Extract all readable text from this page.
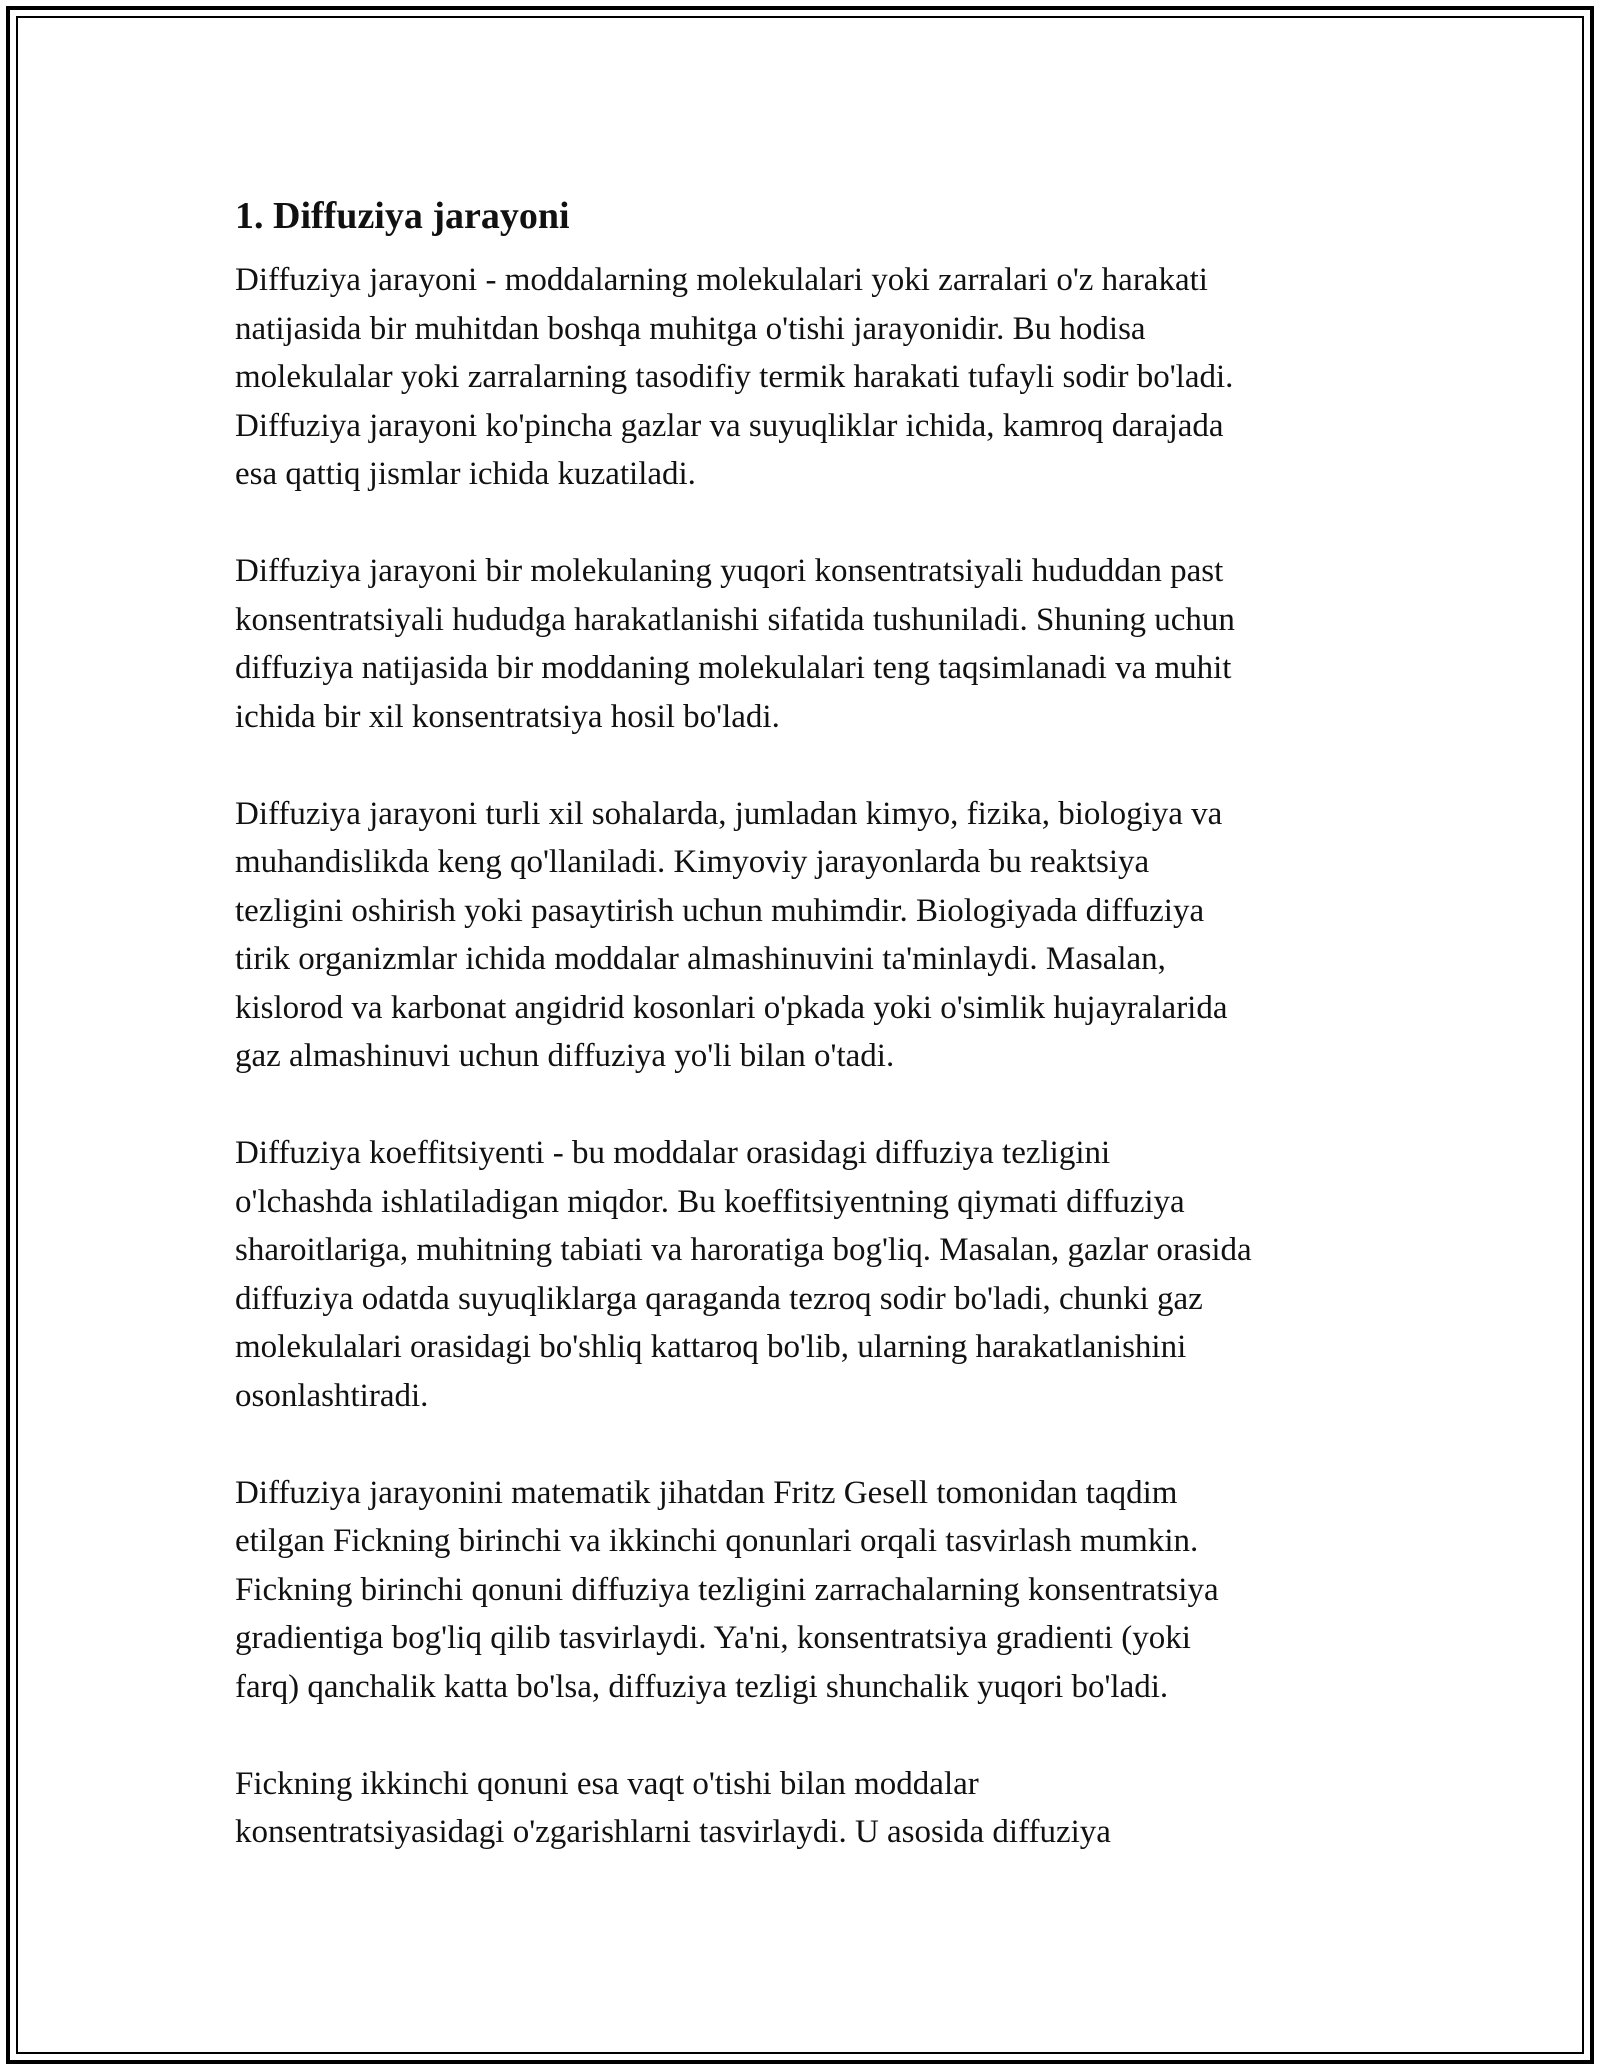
1. Diffuziya jarayoni

Diffuziya jarayoni - moddalarning molekulalari yoki zarralari o'z harakati
natijasida bir muhitdan boshqa muhitga o'tishi jarayonidir. Bu hodisa
molekulalar yoki zarralarning tasodifiy termik harakati tufayli sodir bo'ladi.
Diffuziya jarayoni ko'pincha gazlar va suyuqliklar ichida, kamroq darajada
esa qattiq jismlar ichida kuzatiladi.

Diffuziya jarayoni bir molekulaning yuqori konsentratsiyali hududdan past
konsentratsiyali hududga harakatlanishi sifatida tushuniladi. Shuning uchun
diffuziya natijasida bir moddaning molekulalari teng taqsimlanadi va muhit
ichida bir xil konsentratsiya hosil bo'ladi.

Diffuziya jarayoni turli xil sohalarda, jumladan kimyo, fizika, biologiya va
muhandislikda keng qo'llaniladi. Kimyoviy jarayonlarda bu reaktsiya
tezligini oshirish yoki pasaytirish uchun muhimdir. Biologiyada diffuziya
tirik organizmlar ichida moddalar almashinuvini ta'minlaydi. Masalan,
kislorod va karbonat angidrid kosonlari o'pkada yoki o'simlik hujayralarida
gaz almashinuvi uchun diffuziya yo'li bilan o'tadi.

Diffuziya koeffitsiyenti - bu moddalar orasidagi diffuziya tezligini
o'lchashda ishlatiladigan miqdor. Bu koeffitsiyentning qiymati diffuziya
sharoitlariga, muhitning tabiati va haroratiga bog'liq. Masalan, gazlar orasida
diffuziya odatda suyuqliklarga qaraganda tezroq sodir bo'ladi, chunki gaz
molekulalari orasidagi bo'shliq kattaroq bo'lib, ularning harakatlanishini
osonlashtiradi.

Diffuziya jarayonini matematik jihatdan Fritz Gesell tomonidan taqdim
etilgan Fickning birinchi va ikkinchi qonunlari orqali tasvirlash mumkin.
Fickning birinchi qonuni diffuziya tezligini zarrachalarning konsentratsiya
gradientiga bog'liq qilib tasvirlaydi. Ya'ni, konsentratsiya gradienti (yoki
farq) qanchalik katta bo'lsa, diffuziya tezligi shunchalik yuqori bo'ladi.

Fickning ikkinchi qonuni esa vaqt o'tishi bilan moddalar
konsentratsiyasidagi o'zgarishlarni tasvirlaydi. U asosida diffuziya
